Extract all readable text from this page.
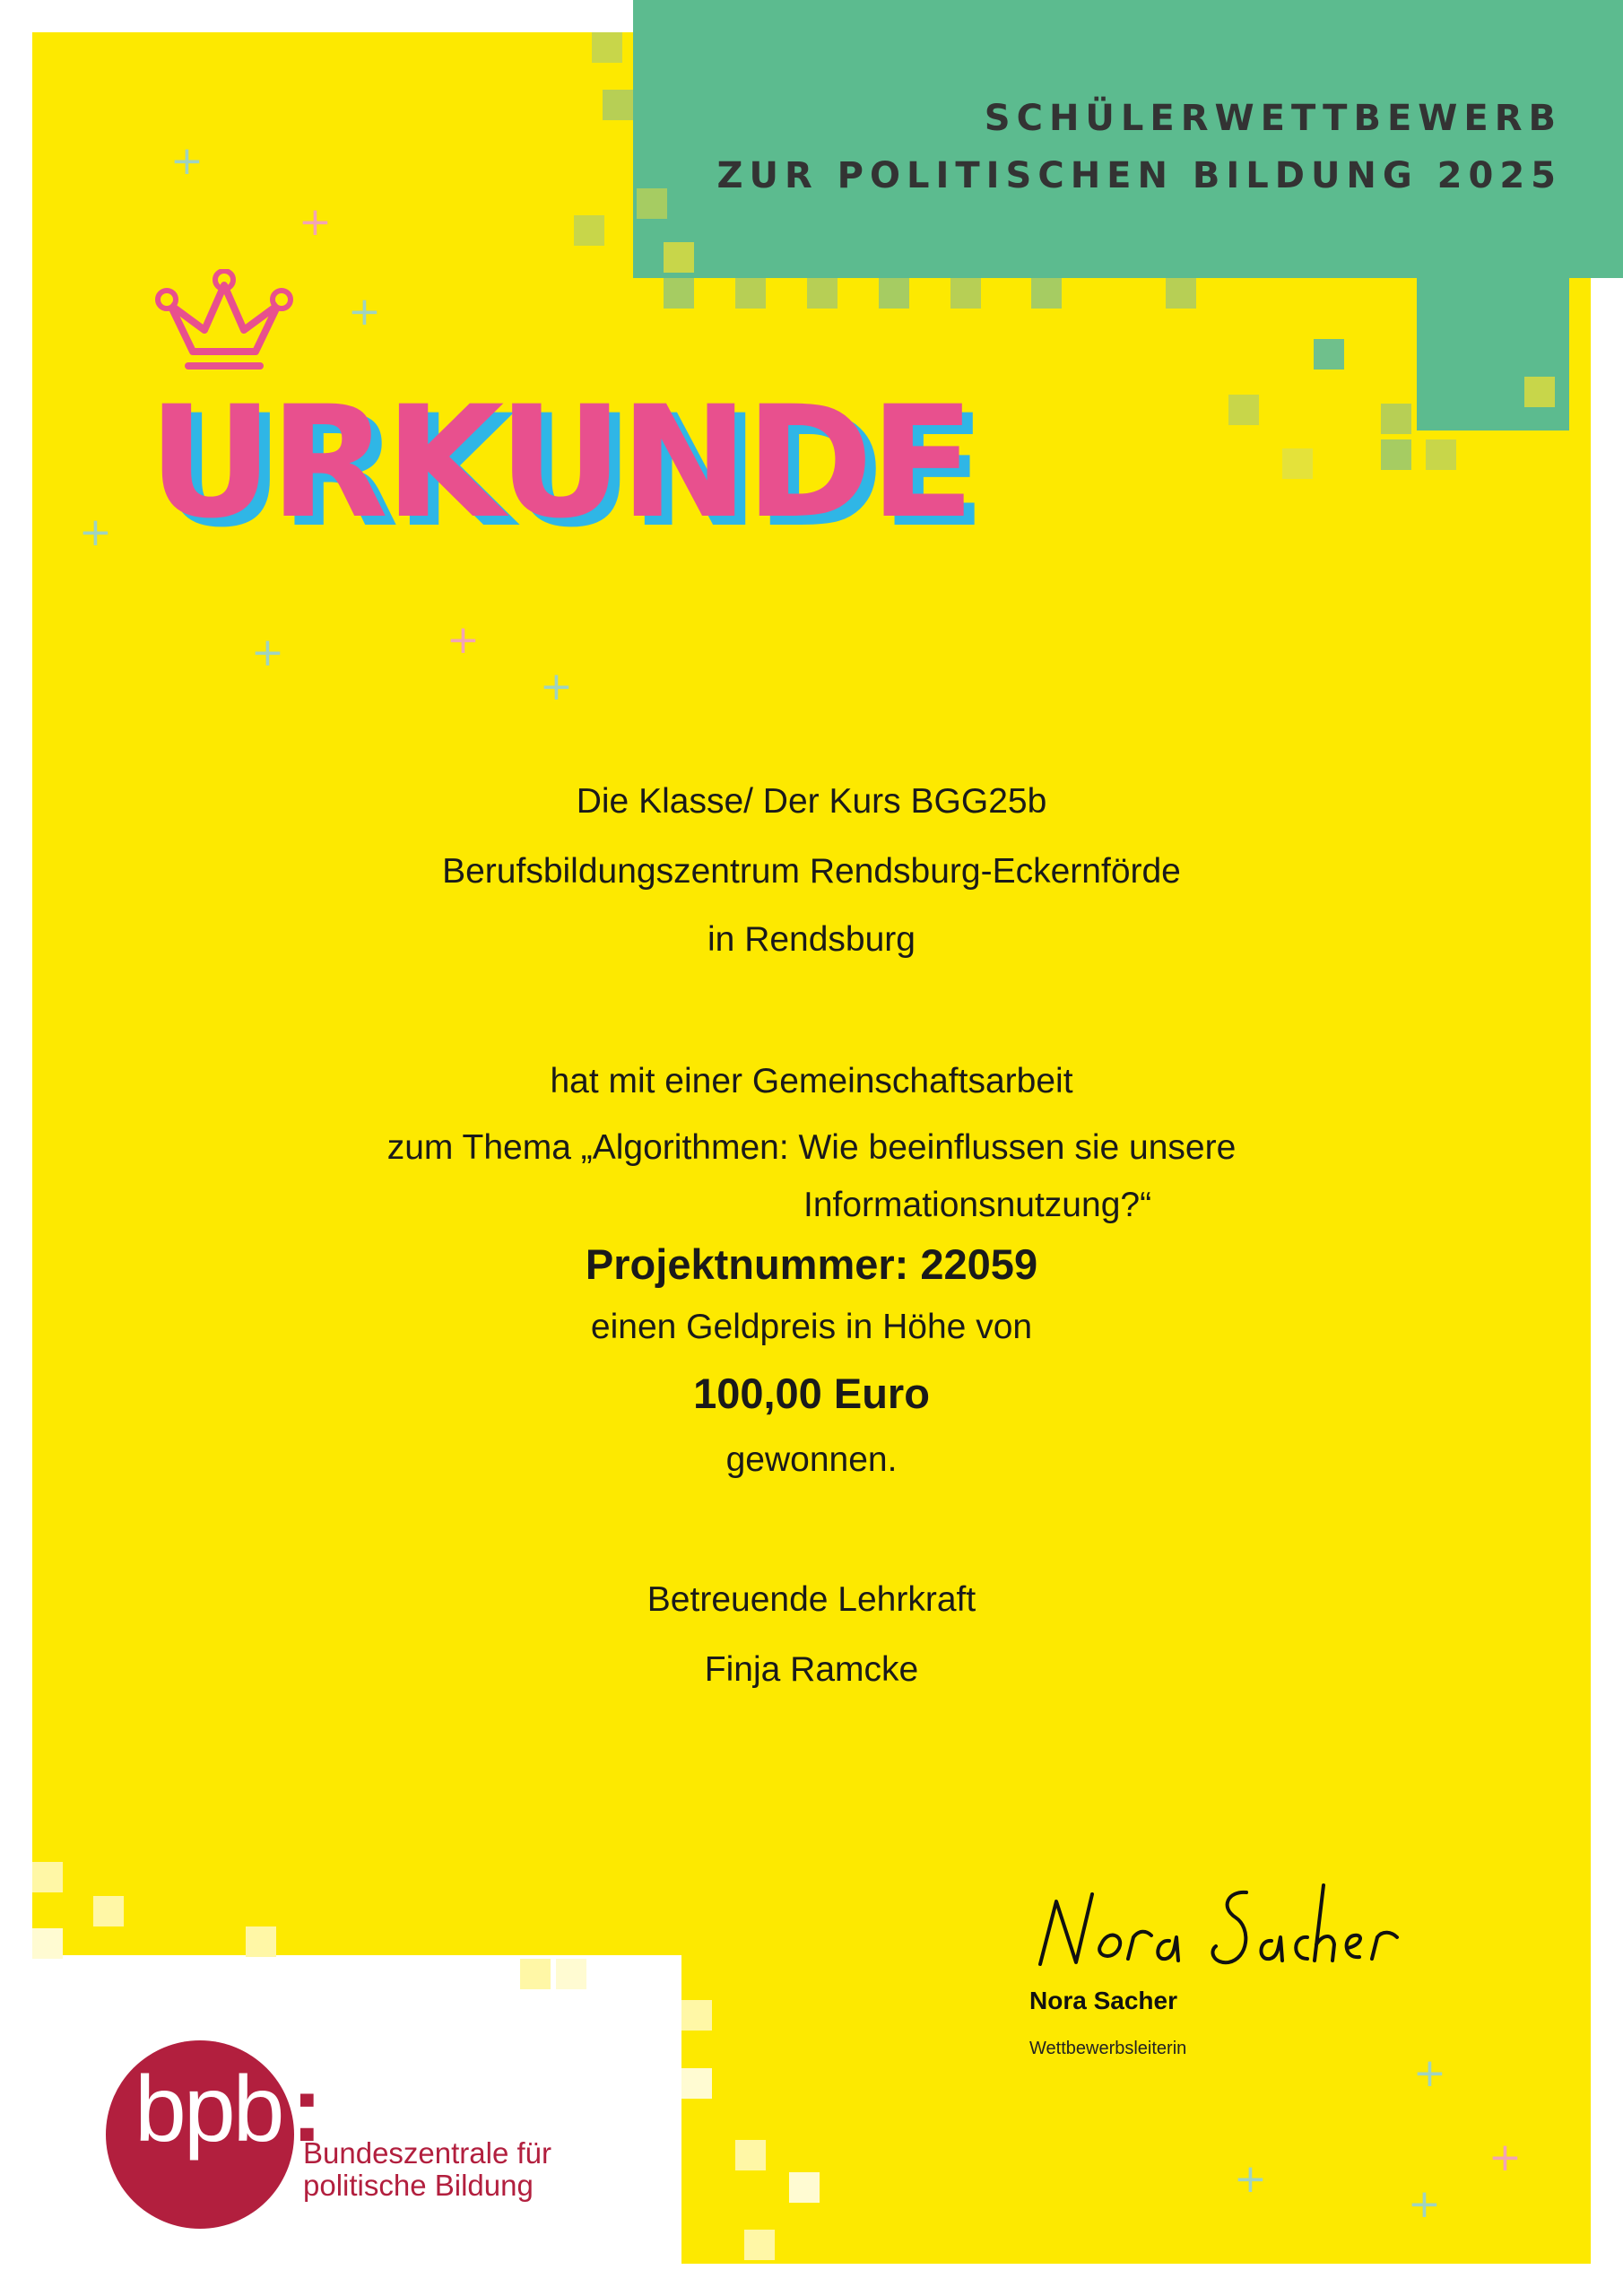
SCHÜLERWETTBEWERB
ZUR POLITISCHEN BILDUNG 2025
URKUNDE
+
+
+
+
+	+
+
+
+
+
+
Die Klasse/ Der Kurs BGG25b
Berufsbildungszentrum Rendsburg-Eckernförde
in Rendsburg
hat mit einer Gemeinschaftsarbeit
zum Thema „Algorithmen: Wie beeinflussen sie unsere
Informationsnutzung?“
Projektnummer: 22059
einen Geldpreis in Höhe von
100,00 Euro
gewonnen.
Betreuende Lehrkraft
Finja Ramcke
Nora Sacher
Wettbewerbsleiterin
bpb :
Bundeszentrale für
politische Bildung
